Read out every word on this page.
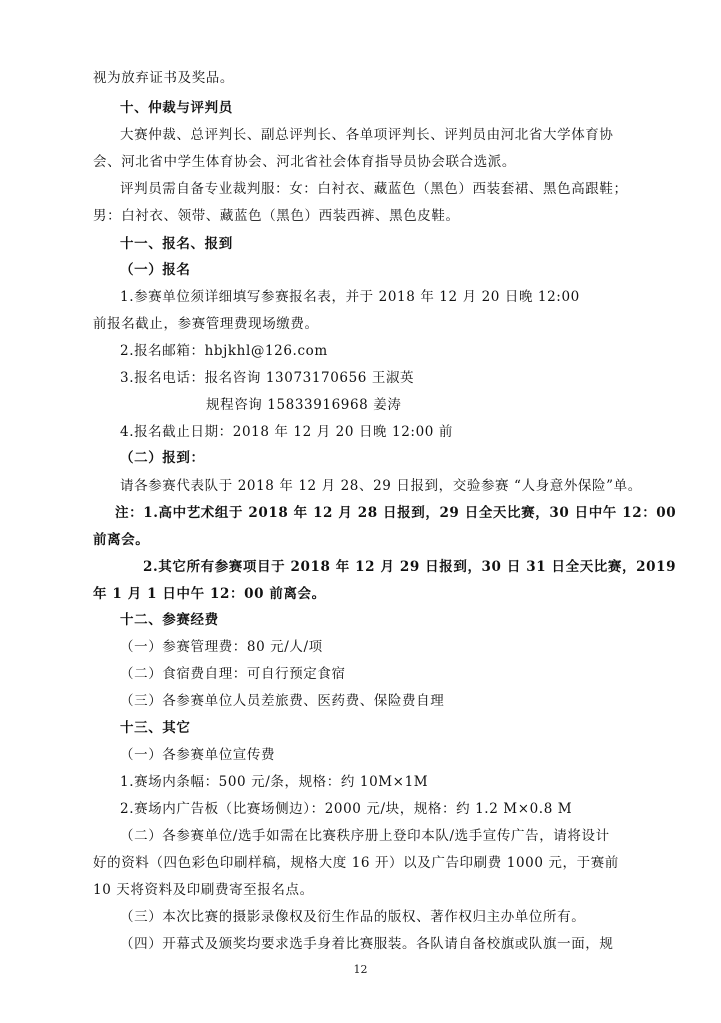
视为放弃证书及奖品。
十、仲裁与评判员
大赛仲裁、总评判长、副总评判长、各单项评判长、评判员由河北省大学体育协
会、河北省中学生体育协会、河北省社会体育指导员协会联合选派。
评判员需自备专业裁判服：女：白衬衣、藏蓝色（黑色）西装套裙、黑色高跟鞋；
男：白衬衣、领带、藏蓝色（黑色）西装西裤、黑色皮鞋。
十一、报名、报到
（一）报名
1.参赛单位须详细填写参赛报名表，并于 2018 年 12 月 20 日晚 12:00
前报名截止，参赛管理费现场缴费。
2.报名邮箱：hbjkhl@126.com
3.报名电话：报名咨询 13073170656 王淑英
规程咨询 15833916968 姜涛
4.报名截止日期：2018 年 12 月 20 日晚 12:00 前
（二）报到：
请各参赛代表队于 2018 年 12 月 28、29 日报到，交验参赛 “人身意外保险”单。
注：1.高中艺术组于 2018 年 12 月 28 日报到，29 日全天比赛，30 日中午 12：00
前离会。
2.其它所有参赛项目于 2018 年 12 月 29 日报到，30 日 31 日全天比赛，2019
年 1 月 1 日中午 12：00 前离会。
十二、参赛经费
（一）参赛管理费：80 元/人/项
（二）食宿费自理：可自行预定食宿
（三）各参赛单位人员差旅费、医药费、保险费自理
十三、其它
（一）各参赛单位宣传费
1.赛场内条幅：500 元/条，规格：约 10M×1M
2.赛场内广告板（比赛场侧边）：2000 元/块，规格：约 1.2 M×0.8 M
（二）各参赛单位/选手如需在比赛秩序册上登印本队/选手宣传广告，请将设计
好的资料（四色彩色印刷样稿，规格大度 16 开）以及广告印刷费 1000 元，于赛前
10 天将资料及印刷费寄至报名点。
（三）本次比赛的摄影录像权及衍生作品的版权、著作权归主办单位所有。
（四）开幕式及颁奖均要求选手身着比赛服装。各队请自备校旗或队旗一面，规
12
